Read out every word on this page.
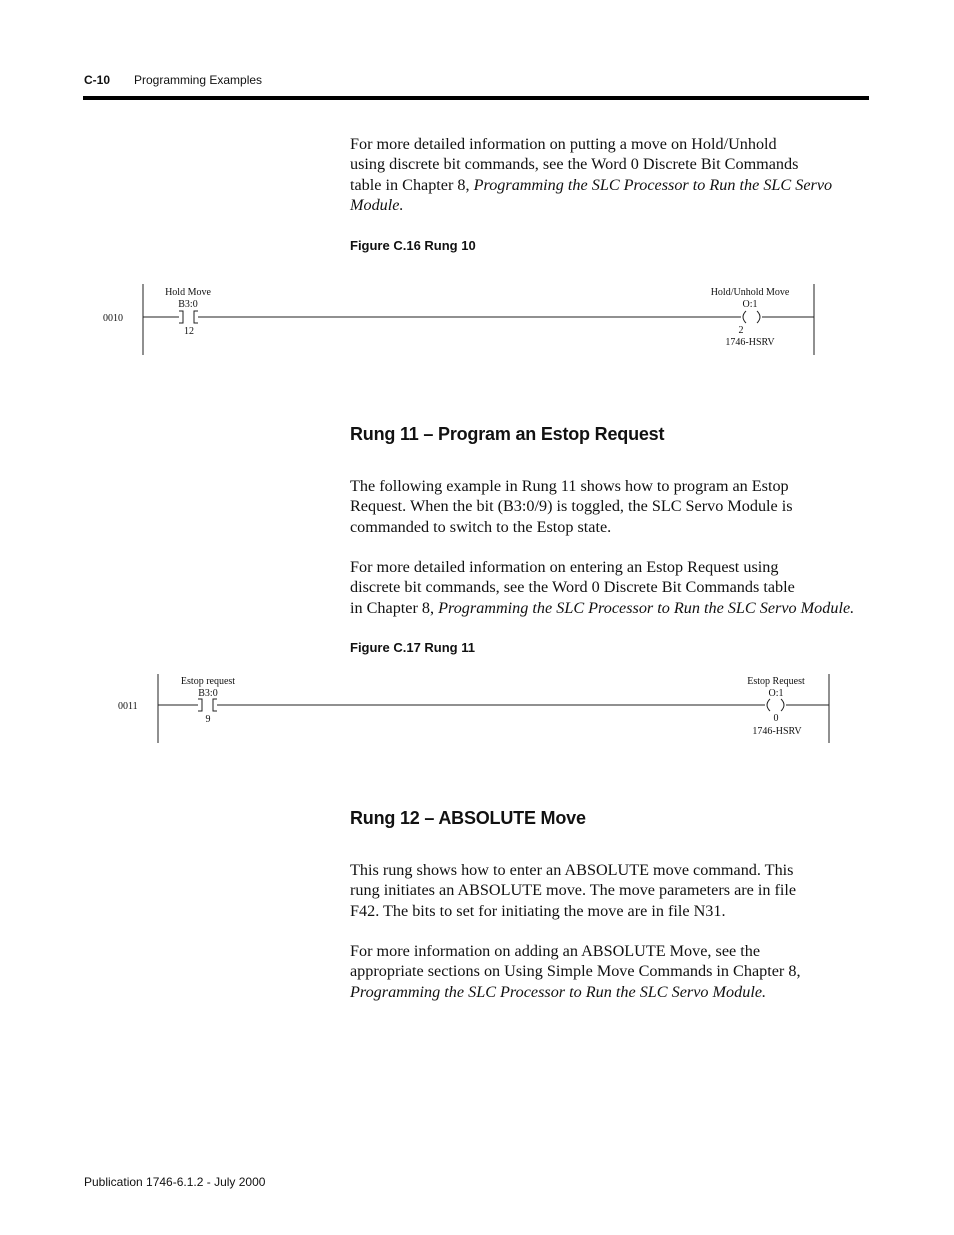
C-10 Programming Examples

For more detailed information on putting a move on Hold/Unhold
using discrete bit commands, see the Word 0 Discrete Bit Commands
table in Chapter 8, Programming the SLC Processor to Run the SLC Servo
Module.

Figure C.16 Rung 10
0010
Hold Move
B3:0
12
Hold/Unhold Move
O:1
2
1746-HSRV
Rung 11 – Program an Estop Request

The following example in Rung 11 shows how to program an Estop
Request. When the bit (B3:0/9) is toggled, the SLC Servo Module is
commanded to switch to the Estop state.

For more detailed information on entering an Estop Request using
discrete bit commands, see the Word 0 Discrete Bit Commands table
in Chapter 8, Programming the SLC Processor to Run the SLC Servo Module.

Figure C.17 Rung 11
0011
Estop request
B3:0
9
Estop Request
O:1
0
1746-HSRV
Rung 12 – ABSOLUTE Move

This rung shows how to enter an ABSOLUTE move command. This
rung initiates an ABSOLUTE move. The move parameters are in file
F42. The bits to set for initiating the move are in file N31.

For more information on adding an ABSOLUTE Move, see the
appropriate sections on Using Simple Move Commands in Chapter 8,
Programming the SLC Processor to Run the SLC Servo Module.

Publication 1746-6.1.2 - July 2000
